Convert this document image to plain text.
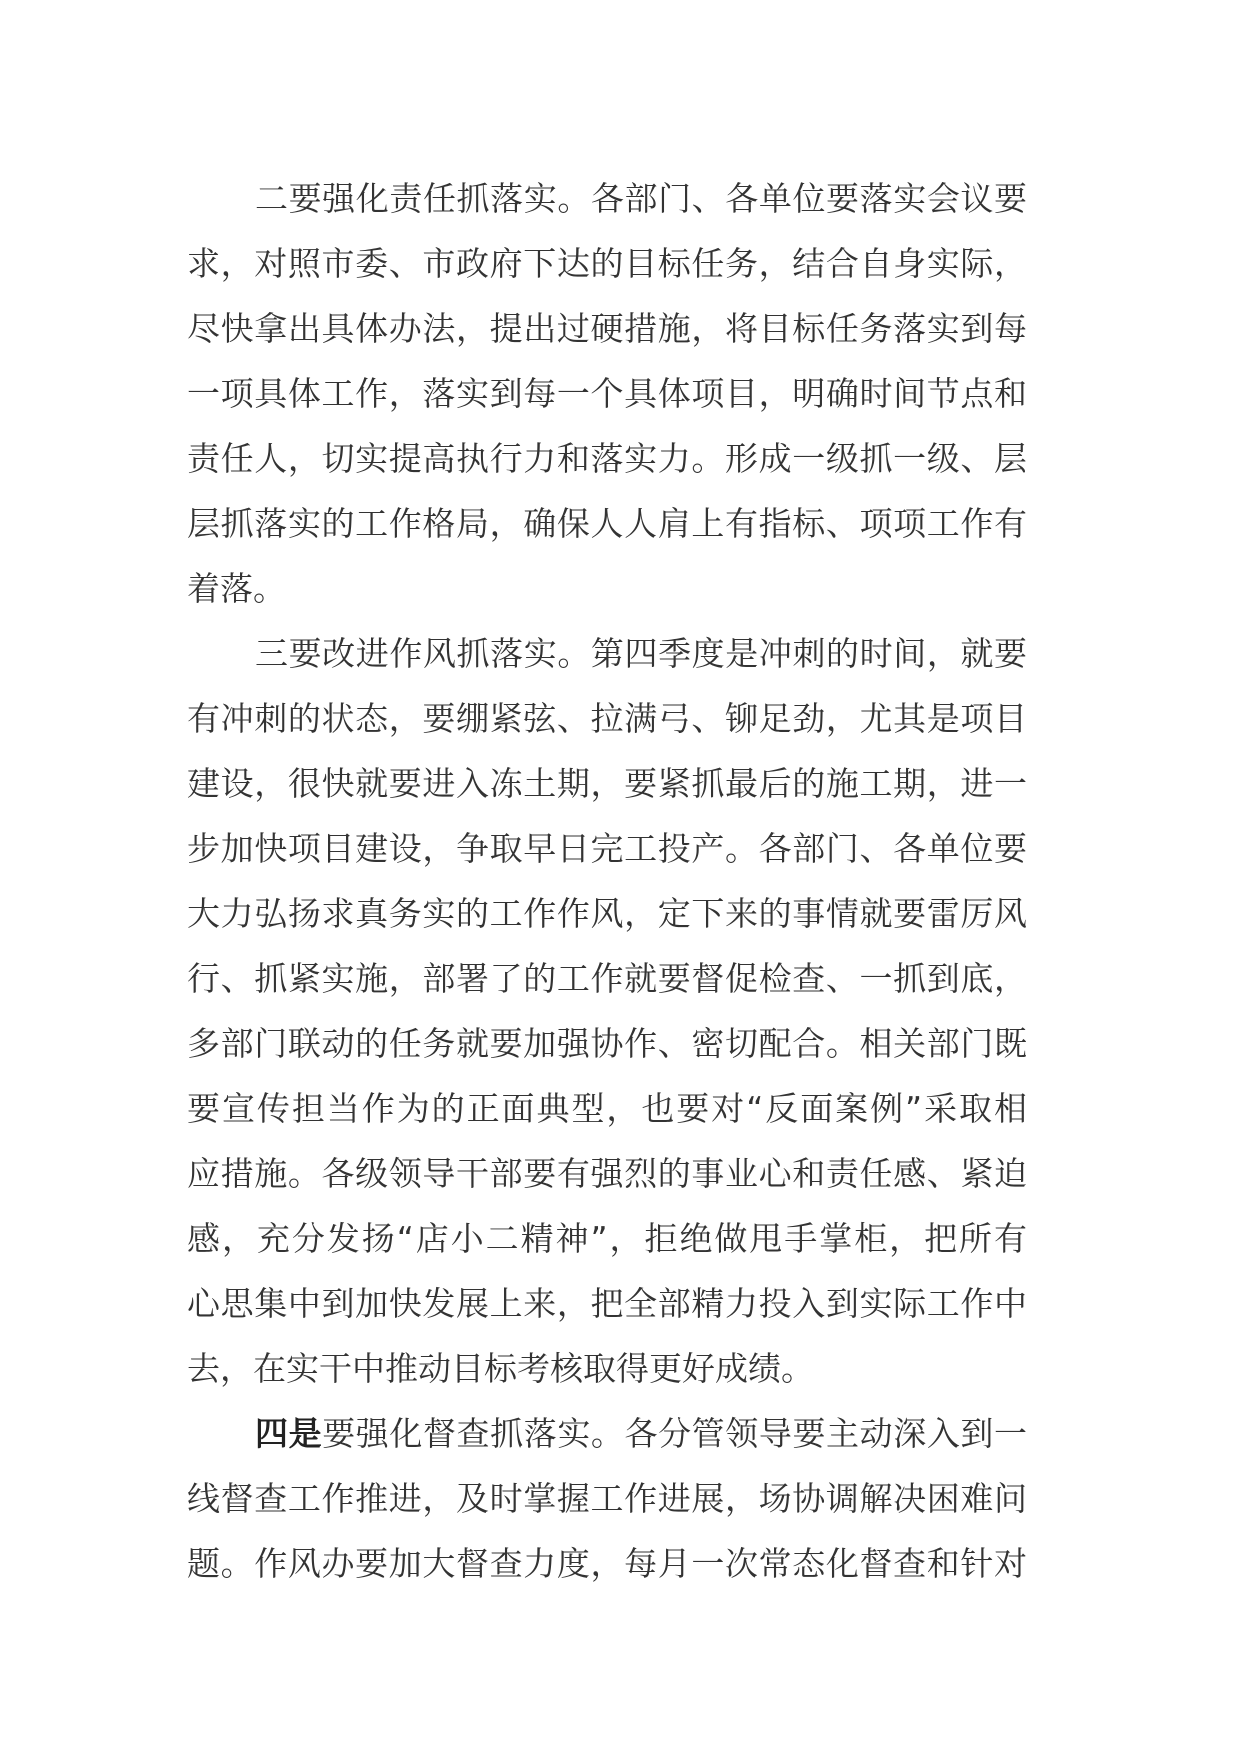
二要强化责任抓落实。各部门、各单位要落实会议要
求，对照市委、市政府下达的目标任务，结合自身实际，
尽快拿出具体办法，提出过硬措施，将目标任务落实到每
一项具体工作，落实到每一个具体项目，明确时间节点和
责任人，切实提高执行力和落实力。形成一级抓一级、层
层抓落实的工作格局，确保人人肩上有指标、项项工作有
着落。
三要改进作风抓落实。第四季度是冲刺的时间，就要
有冲刺的状态，要绷紧弦、拉满弓、铆足劲，尤其是项目
建设，很快就要进入冻土期，要紧抓最后的施工期，进一
步加快项目建设，争取早日完工投产。各部门、各单位要
大力弘扬求真务实的工作作风，定下来的事情就要雷厉风
行、抓紧实施，部署了的工作就要督促检查、一抓到底，
多部门联动的任务就要加强协作、密切配合。相关部门既
要宣传担当作为的正面典型，也要对“反面案例”采取相
应措施。各级领导干部要有强烈的事业心和责任感、紧迫
感，充分发扬“店小二精神”，拒绝做甩手掌柜，把所有
心思集中到加快发展上来，把全部精力投入到实际工作中
去，在实干中推动目标考核取得更好成绩。
四是要强化督查抓落实。各分管领导要主动深入到一
线督查工作推进，及时掌握工作进展，场协调解决困难问
题。作风办要加大督查力度，每月一次常态化督查和针对
